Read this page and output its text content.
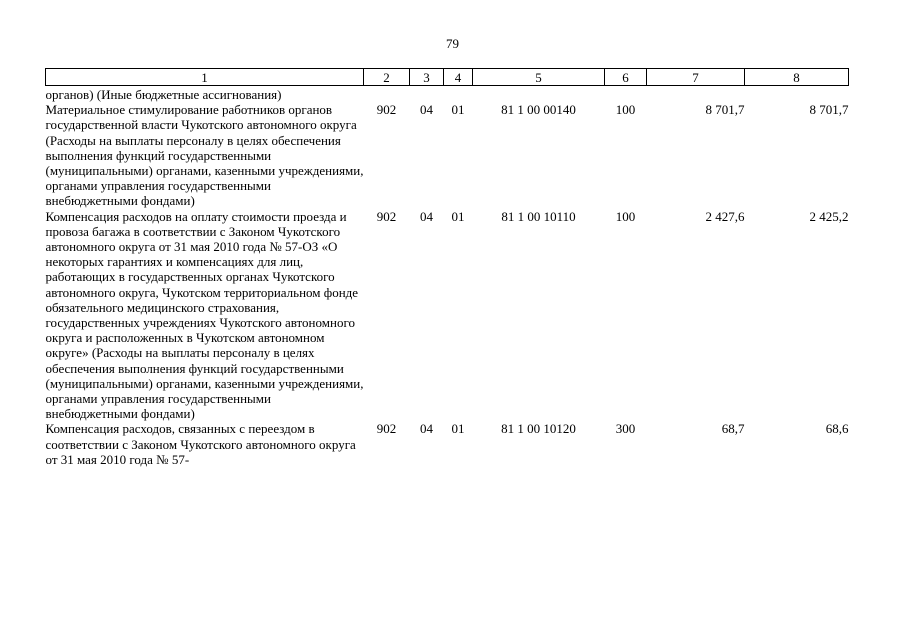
79
1	2	3	4	5	6	7	8
органов) (Иные бюджетные ассигнования)							
Материальное стимулирование работников органов государственной власти Чукотского автономного округа (Расходы на выплаты персоналу в целях обеспечения выполнения функций государственными (муниципальными) органами, казенными учреждениями, органами управления государственными внебюджетными фондами)	902	04	01	81 1 00 00140	100	8 701,7	8 701,7
Компенсация расходов на оплату стоимости проезда и провоза багажа в соответствии с Законом Чукотского автономного округа от 31 мая 2010 года № 57-ОЗ «О некоторых гарантиях и компенсациях для лиц, работающих в государственных органах Чукотского автономного округа, Чукотском территориальном фонде обязательного медицинского страхования, государственных учреждениях Чукотского автономного округа и расположенных в Чукотском автономном округе» (Расходы на выплаты персоналу в целях обеспечения выполнения функций государственными (муниципальными) органами, казенными учреждениями, органами управления государственными внебюджетными фондами)	902	04	01	81 1 00 10110	100	2 427,6	2 425,2
Компенсация расходов, связанных с переездом в соответствии с Законом Чукотского автономного округа от 31 мая 2010 года № 57-	902	04	01	81 1 00 10120	300	68,7	68,6
